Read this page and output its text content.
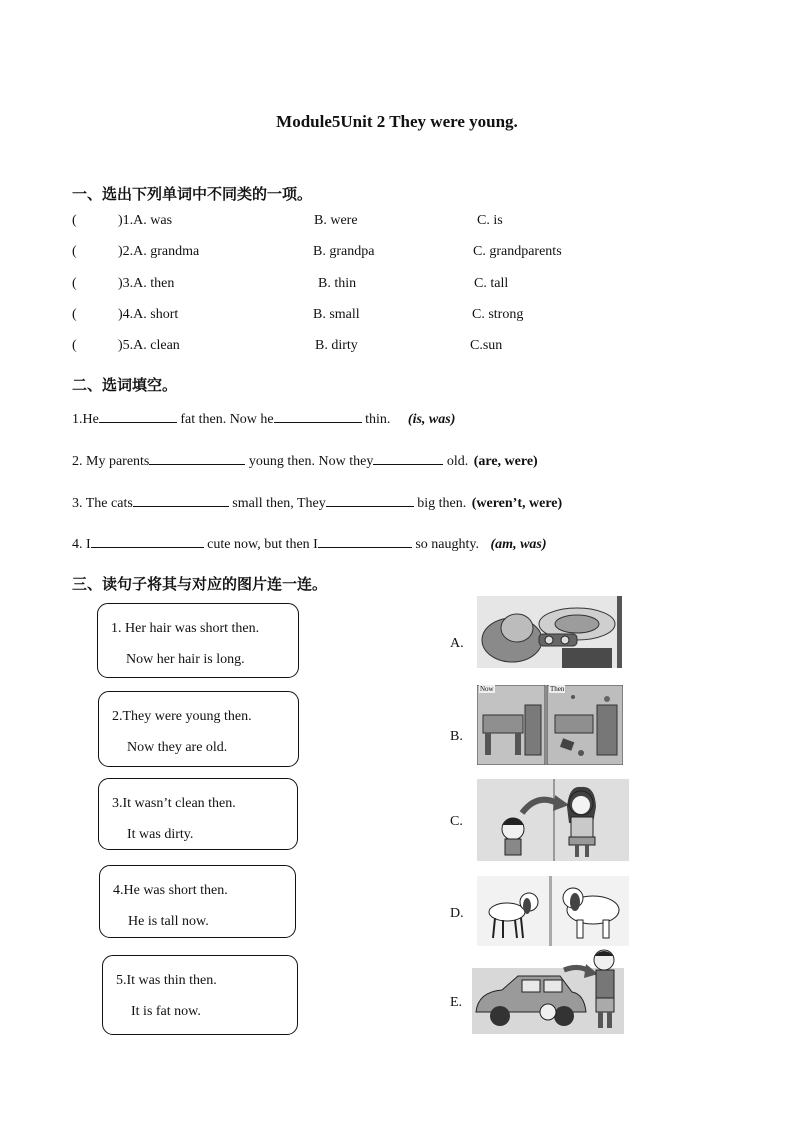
Module5Unit 2 They were young.
一、选出下列单词中不同类的一项。
(	)1.A. was	B. were	C. is
(	)2.A. grandma	B. grandpa	C. grandparents
(	)3.A. then	B. thin	C. tall
(	)4.A. short	B. small	C. strong
(	)5.A. clean	B. dirty	C.sun
二、选词填空。
1.He	fat then. Now he	thin. (is, was)
2. My parents	young then. Now they	old. (are, were)
3. The cats	small then, They	big then. (weren’t, were)
4. I	cute now, but then I	so naughty. (am, was)
三、读句子将其与对应的图片连一连。
1. Her hair was short then.
Now her hair is long.
2.They were young then.
Now they are old.
3.It wasn’t clean then.
It was dirty.
4.He was short then.
He is tall now.
5.It was thin then.
It is fat now.
A.
B.
C.
D.
E.
Now	Then
